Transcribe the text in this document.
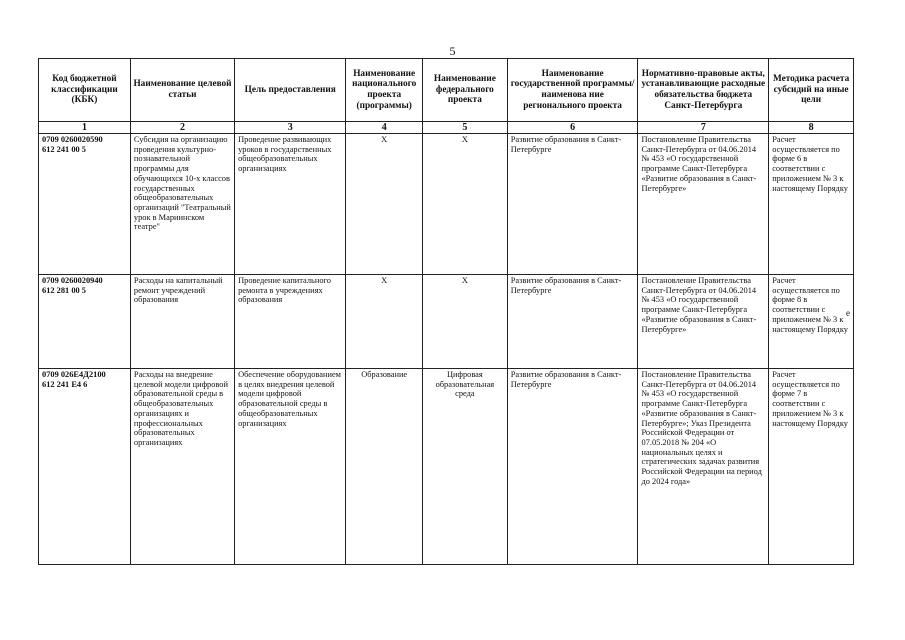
5
Код бюджетной классификации (КБК)	Наименование целевой статьи	Цель предоставления	Наименование национального проекта (программы)	Наименование федерального проекта	Наименование государственной программы/наименова ние регионального проекта	Нормативно-правовые акты, устанавливающие расходные обязательства бюджета Санкт-Петербурга	Методика расчета субсидий на иные цели
1	2	3	4	5	6	7	8
0709 0260020590
612 241 00 5	Субсидия на организацию проведения культурно-познавательной программы для обучающихся 10-х классов государственных общеобразовательных организаций "Театральный урок в Мариинском театре"	Проведение развивающих уроков в государственных общеобразовательных организациях	X	X	Развитие образования в Санкт-Петербурге	Постановление Правительства Санкт-Петербурга от 04.06.2014 № 453 «О государственной программе Санкт-Петербурга «Развитие образования в Санкт-Петербурге»	Расчет осуществляется по форме 6 в соответствии с приложением № 3 к настоящему Порядку
0709 0260020940
612 281 00 5	Расходы на капитальный ремонт учреждений образования	Проведение капитального ремонта в учреждениях образования	X	X	Развитие образования в Санкт-Петербурге	Постановление Правительства Санкт-Петербурга от 04.06.2014 № 453 «О государственной программе Санкт-Петербурга «Развитие образования в Санкт-Петербурге»	Расчет осуществляется по форме 8 в соответствии с приложением № 3 к настоящему Порядку
0709 026Е4Д2100
612 241 Е4 6	Расходы на внедрение целевой модели цифровой образовательной среды в общеобразовательных организациях и профессиональных образовательных организациях	Обеспечение оборудованием в целях внедрения целевой модели цифровой образовательной среды в общеобразовательных организациях	Образование	Цифровая образовательная среда	Развитие образования в Санкт-Петербурге	Постановление Правительства Санкт-Петербурга от 04.06.2014 № 453 «О государственной программе Санкт-Петербурга «Развитие образования в Санкт-Петербурге»; Указ Президента Российской Федерации от 07.05.2018 № 204 «О национальных целях и стратегических задачах развития Российской Федерации на период до 2024 года»	Расчет осуществляется по форме 7 в соответствии с приложением № 3 к настоящему Порядку
е
